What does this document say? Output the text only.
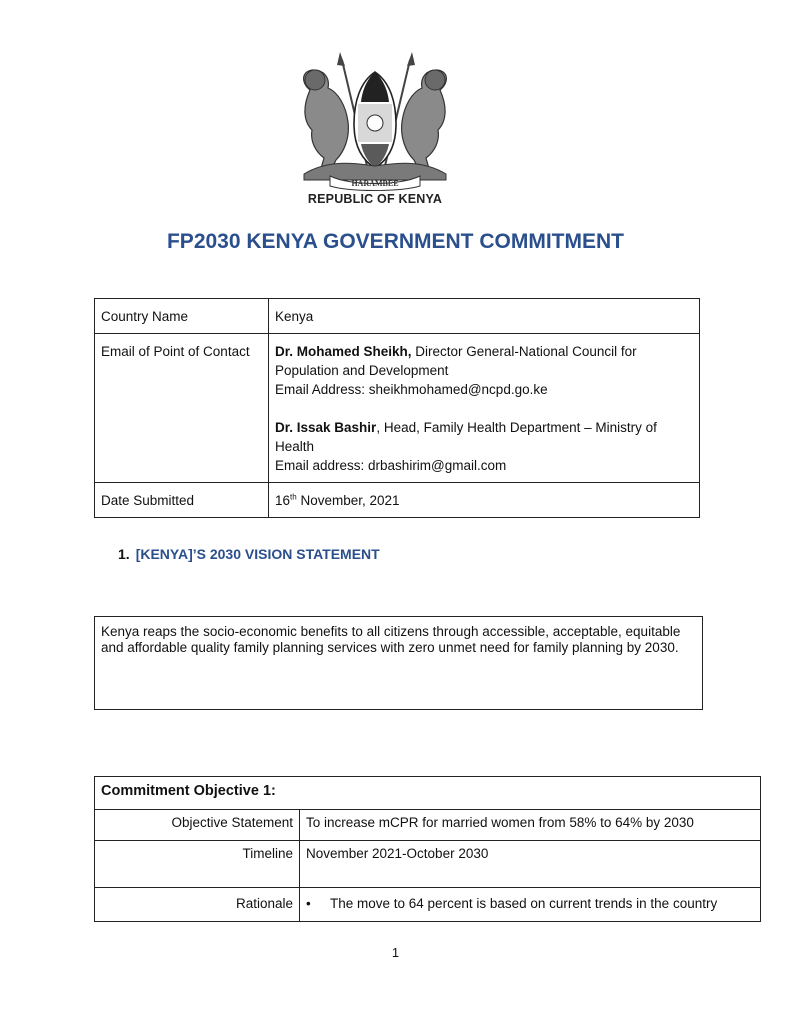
HARAMBEE
REPUBLIC OF KENYA
FP2030 KENYA GOVERNMENT COMMITMENT
Country Name	Kenya
Email of Point of Contact	Dr. Mohamed Sheikh, Director General-National Council for Population and Development
Email Address: sheikhmohamed@ncpd.go.ke
Dr. Issak Bashir, Head, Family Health Department – Ministry of Health
Email address: drbashirim@gmail.com

Date Submitted	16th November, 2021
1. [KENYA]’S 2030 VISION STATEMENT
Kenya reaps the socio-economic benefits to all citizens through accessible, acceptable, equitable and affordable quality family planning services with zero unmet need for family planning by 2030.
Commitment Objective 1:	
Objective Statement	To increase mCPR for married women from 58% to 64% by 2030
Timeline	November 2021-October 2030
Rationale	• The move to 64 percent is based on current trends in the country
1
